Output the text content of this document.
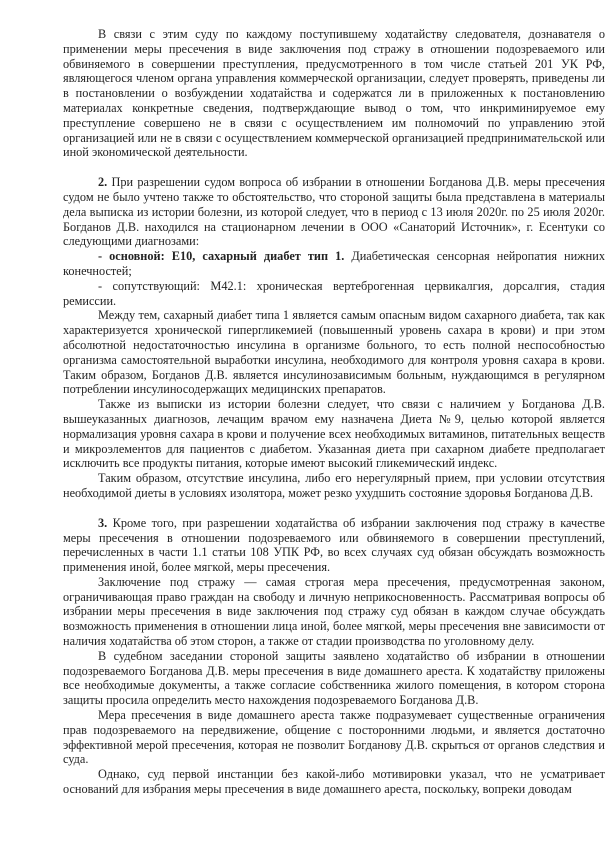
В связи с этим суду по каждому поступившему ходатайству следователя, дознавателя о применении меры пресечения в виде заключения под стражу в отношении подозреваемого или обвиняемого в совершении преступления, предусмотренного в том числе статьей 201 УК РФ, являющегося членом органа управления коммерческой организации, следует проверять, приведены ли в постановлении о возбуждении ходатайства и содержатся ли в приложенных к постановлению материалах конкретные сведения, подтверждающие вывод о том, что инкриминируемое ему преступление совершено не в связи с осуществлением им полномочий по управлению этой организацией или не в связи с осуществлением коммерческой организацией предпринимательской или иной экономической деятельности.

2. При разрешении судом вопроса об избрании в отношении Богданова Д.В. меры пресечения судом не было учтено также то обстоятельство, что стороной защиты была представлена в материалы дела выписка из истории болезни, из которой следует, что в период с 13 июля 2020г. по 25 июля 2020г. Богданов Д.В. находился на стационарном лечении в ООО «Санаторий Источник», г. Есентуки со следующими диагнозами:

- основной: Е10, сахарный диабет тип 1. Диабетическая сенсорная нейропатия нижних конечностей;

- сопутствующий: М42.1: хроническая вертеброгенная цервикалгия, дорсалгия, стадия ремиссии.

Между тем, сахарный диабет типа 1 является самым опасным видом сахарного диабета, так как характеризуется хронической гипергликемией (повышенный уровень сахара в крови) и при этом абсолютной недостаточностью инсулина в организме больного, то есть полной неспособностью организма самостоятельной выработки инсулина, необходимого для контроля уровня сахара в крови. Таким образом, Богданов Д.В. является инсулинозависимым больным, нуждающимся в регулярном потреблении инсулиносодержащих медицинских препаратов.

Также из выписки из истории болезни следует, что связи с наличием у Богданова Д.В. вышеуказанных диагнозов, лечащим врачом ему назначена Диета №9, целью которой является нормализация уровня сахара в крови и получение всех необходимых витаминов, питательных веществ и микроэлементов для пациентов с диабетом. Указанная диета при сахарном диабете предполагает исключить все продукты питания, которые имеют высокий гликемический индекс.

Таким образом, отсутствие инсулина, либо его нерегулярный прием, при условии отсутствия необходимой диеты в условиях изолятора, может резко ухудшить состояние здоровья Богданова Д.В.

3. Кроме того, при разрешении ходатайства об избрании заключения под стражу в качестве меры пресечения в отношении подозреваемого или обвиняемого в совершении преступлений, перечисленных в части 1.1 статьи 108 УПК РФ, во всех случаях суд обязан обсуждать возможность применения иной, более мягкой, меры пресечения.

Заключение под стражу — самая строгая мера пресечения, предусмотренная законом, ограничивающая право граждан на свободу и личную неприкосновенность. Рассматривая вопросы об избрании меры пресечения в виде заключения под стражу суд обязан в каждом случае обсуждать возможность применения в отношении лица иной, более мягкой, меры пресечения вне зависимости от наличия ходатайства об этом сторон, а также от стадии производства по уголовному делу.

В судебном заседании стороной защиты заявлено ходатайство об избрании в отношении подозреваемого Богданова Д.В. меры пресечения в виде домашнего ареста. К ходатайству приложены все необходимые документы, а также согласие собственника жилого помещения, в котором сторона защиты просила определить место нахождения подозреваемого Богданова Д.В.

Мера пресечения в виде домашнего ареста также подразумевает существенные ограничения прав подозреваемого на передвижение, общение с посторонними людьми, и является достаточно эффективной мерой пресечения, которая не позволит Богданову Д.В. скрыться от органов следствия и суда.

Однако, суд первой инстанции без какой-либо мотивировки указал, что не усматривает оснований для избрания меры пресечения в виде домашнего ареста, поскольку, вопреки доводам
